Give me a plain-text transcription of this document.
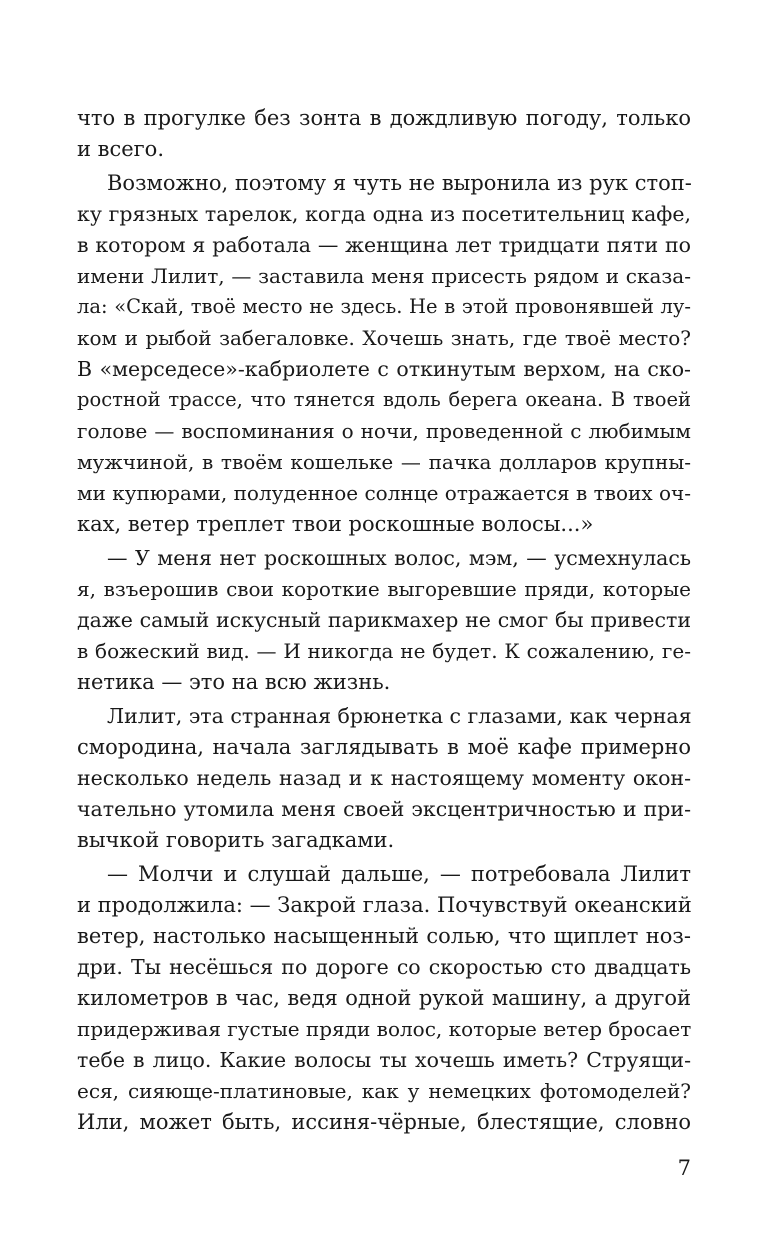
что в прогулке без зонта в дождливую погоду, только
и всего.
Возможно, поэтому я чуть не выронила из рук стоп-
ку грязных тарелок, когда одна из посетительниц кафе,
в котором я работала — женщина лет тридцати пяти по
имени Лилит, — заставила меня присесть рядом и сказа-
ла: «Скай, твоё место не здесь. Не в этой провонявшей лу-
ком и рыбой забегаловке. Хочешь знать, где твоё место?
В «мерседесе»-кабриолете с откинутым верхом, на ско-
ростной трассе, что тянется вдоль берега океана. В твоей
голове — воспоминания о ночи, проведенной с любимым
мужчиной, в твоём кошельке — пачка долларов крупны-
ми купюрами, полуденное солнце отражается в твоих оч-
ках, ветер треплет твои роскошные волосы...»
— У меня нет роскошных волос, мэм, — усмехнулась
я, взъерошив свои короткие выгоревшие пряди, которые
даже самый искусный парикмахер не смог бы привести
в божеский вид. — И никогда не будет. К сожалению, ге-
нетика — это на всю жизнь.
Лилит, эта странная брюнетка с глазами, как черная
смородина, начала заглядывать в моё кафе примерно
несколько недель назад и к настоящему моменту окон-
чательно утомила меня своей эксцентричностью и при-
вычкой говорить загадками.
— Молчи и слушай дальше, — потребовала Лилит
и продолжила: — Закрой глаза. Почувствуй океанский
ветер, настолько насыщенный солью, что щиплет ноз-
дри. Ты несёшься по дороге со скоростью сто двадцать
километров в час, ведя одной рукой машину, а другой
придерживая густые пряди волос, которые ветер бросает
тебе в лицо. Какие волосы ты хочешь иметь? Струящи-
еся, сияюще-платиновые, как у немецких фотомоделей?
Или, может быть, иссиня-чёрные, блестящие, словно
7
